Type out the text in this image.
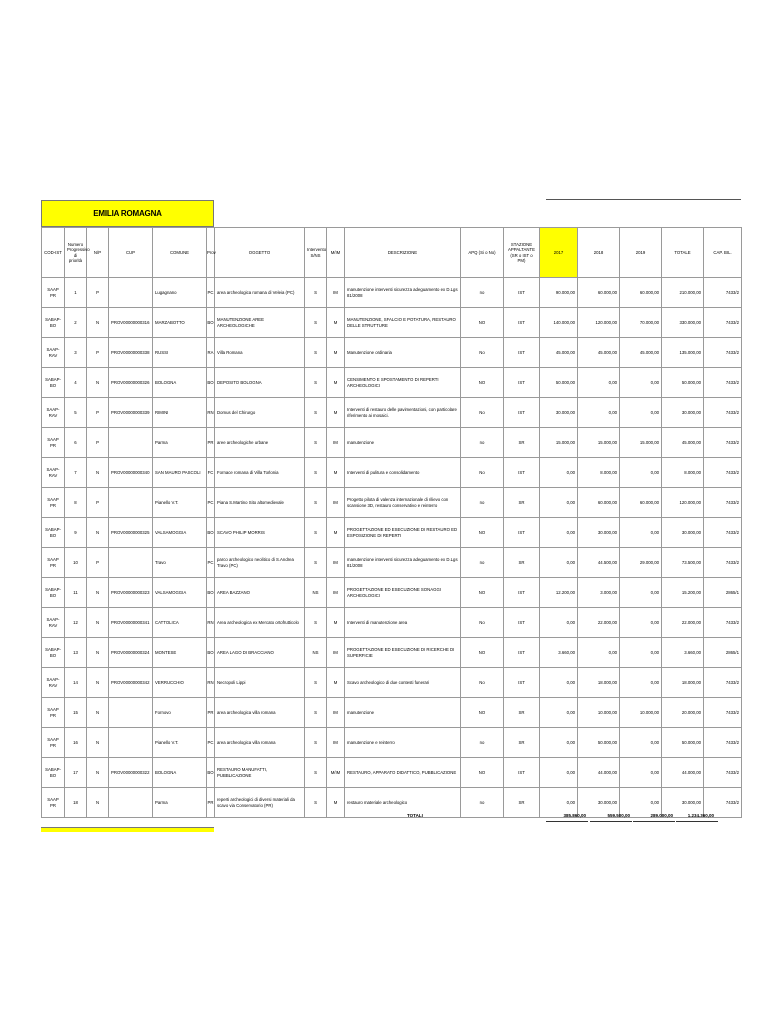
EMILIA ROMAGNA
COD-IST	Numero Progressivo di priorità	N/P	CUP	COMUNE	Prov	OGGETTO	Intervento S/NS	M/IM	DESCRIZIONE	APQ (Si o No)	STAZIONE APPALTANTE (SR o IST o PM)	2017	2018	2019	TOTALE	CAP. BIL.
SAAP PR	1	P		Lugagnano	PC	area archeologica romana di Veleia (PC)	S	IM	manutenzione interventi sicurezza adeguamento ex D.Lgs 81/2008	no	IST	90.000,00	60.000,00	60.000,00	210.000,00	7433/2
SABAP-BO	2	N	PROV00000000316	MARZABOTTO	BO	MANUTENZIONE AREE ARCHEOLOGICHE	S	M	MANUTENZIONE, SFALCIO E POTATURA, RESTAURO DELLE STRUTTURE	NO	IST	140.000,00	120.000,00	70.000,00	330.000,00	7433/2
SAAP-RAV	3	P	PROV00000000338	RUSSI	RA	Villa Romana	S	M	Manutenzione ordinaria	No	IST	45.000,00	45.000,00	45.000,00	135.000,00	7433/2
SABAP-BO	4	N	PROV00000000326	BOLOGNA	BO	DEPOSITO BOLOGNA	S	M	CENSIMENTO E SPOSTAMENTO DI REPERTI ARCHEOLOGICI	NO	IST	50.000,00	0,00	0,00	50.000,00	7433/2
SAAP-RAV	5	P	PROV00000000339	RIMINI	RN	Domus del Chirurgo	S	M	Interventi di restauro delle pavimentazioni, con particolare riferimento ai mosaici.	No	IST	30.000,00	0,00	0,00	30.000,00	7433/2
SAAP PR	6	P		Parma	PR	aree archeologiche urbane	S	IM	manutenzione	no	SR	15.000,00	15.000,00	15.000,00	45.000,00	7433/2
SAAP-RAV	7	N	PROV00000000340	SAN MAURO PASCOLI	FC	Fornace romana di Villa Torlonia	S	M	Interventi di pulitura e consolidamento	No	IST	0,00	8.000,00	0,00	8.000,00	7433/2
SAAP PR	8	P		Pianello V.T.	PC	Piana S.Martino Sito altomedievale	S	IM	Progetto pilota di valenza internazionale di rilievo con scansione 3D, restauro conservativo e reinterro	no	SR	0,00	60.000,00	60.000,00	120.000,00	7433/2
SABAP-BO	9	N	PROV00000000325	VALSAMOGGIA	BO	SCAVO PHILIP MORRIS	S	M	PROGETTAZIONE ED ESECUZIONE DI RESTAURO ED ESPOSIZIONE DI REPERTI	NO	IST	0,00	30.000,00	0,00	30.000,00	7433/2
SAAP PR	10	P		Travo	PC	parco archeologico neolitico di S.Andrea Travo (PC)	S	IM	manutenzione interventi sicurezza adeguamento ex D.Lgs 81/2008	no	SR	0,00	44.500,00	29.000,00	73.500,00	7433/2
SABAP-BO	11	N	PROV00000000323	VALSAMOGGIA	BO	AREA BAZZANO	NS	IM	PROGETTAZIONE ED ESECUZIONE SONAGGI ARCHEOLOGICI	NO	IST	12.200,00	3.000,00	0,00	15.200,00	2865/1
SAAP-RAV	12	N	PROV00000000341	CATTOLICA	RN	Area archeologica ex Mercato ortofrutticolo	S	M	Interventi di manutenzione area	No	IST	0,00	22.000,00	0,00	22.000,00	7433/2
SABAP-BO	13	N	PROV00000000324	MONTESE	BO	AREA LAGO DI BRACCIANO	NS	IM	PROGETTAZIONE ED ESECUZIONE DI RICERCHE DI SUPERFICIE	NO	IST	3.660,00	0,00	0,00	3.660,00	2865/1
SAAP-RAV	14	N	PROV00000000342	VERRUCCHIO	RN	Necropoli Lippi	S	M	Scavo archeologico di due contesti funerari	No	IST	0,00	18.000,00	0,00	18.000,00	7433/2
SAAP PR	15	N		Fornovo	PR	area archeologica villa romana	S	IM	manutenzione	NO	SR	0,00	10.000,00	10.000,00	20.000,00	7433/2
SAAP PR	16	N		Pianello V.T.	PC	area archeologica villa romana	S	IM	manutenzione e reinterro	no	SR	0,00	50.000,00	0,00	50.000,00	7433/2
SABAP-BO	17	N	PROV00000000322	BOLOGNA	BO	RESTAURO MANUFATTI, PUBBLICAZIONE	S	M/IM	RESTAURO, APPARATO DIDATTICO, PUBBLICAZIONE	NO	IST	0,00	44.000,00	0,00	44.000,00	7433/2
SAAP PR	18	N		Parma	PR	reperti archeologici di diversi materiali da scavo via Conservatorio (PR)	S	M	restauro materiale archeologico	no	SR	0,00	30.000,00	0,00	30.000,00	7433/2
TOTALI	385.860,00	559.500,00	289.000,00	1.234.360,00
